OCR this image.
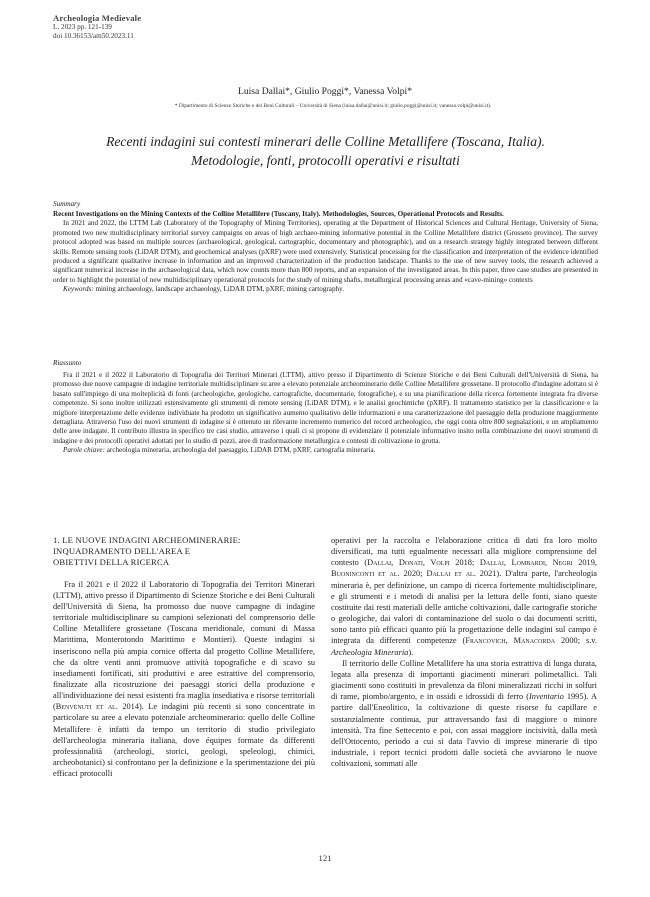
Archeologia Medievale
L, 2023 pp. 121-139
doi 10.36153/am50.2023.11
Luisa Dallai*, Giulio Poggi*, Vanessa Volpi*
* Dipartimento di Scienze Storiche e dei Beni Culturali – Università di Siena (luisa.dallai@unisi.it; giulio.poggi@unisi.it; vanessa.volpi@unisi.it).
Recenti indagini sui contesti minerari delle Colline Metallifere (Toscana, Italia).
Metodologie, fonti, protocolli operativi e risultati
Summary

Recent Investigations on the Mining Contexts of the Colline Metallifere (Tuscany, Italy). Methodologies, Sources, Operational Protocols and Results.

In 2021 and 2022, the LTTM Lab (Laboratory of the Topography of Mining Territories), operating at the Department of Historical Sciences and Cultural Heritage, University of Siena, promoted two new multidisciplinary territorial survey campaigns on areas of high archaeo-mining informative potential in the Colline Metallifere district (Grosseto province). The survey protocol adopted was based on multiple sources (archaeological, geological, cartographic, documentary and photographic), and on a research strategy highly integrated between different skills. Remote sensing tools (LiDAR DTM), and geochemical analyses (pXRF) were used extensively. Statistical processing for the classification and interpretation of the evidence identified produced a significant qualitative increase in information and an improved characterization of the production landscape. Thanks to the use of new survey tools, the research achieved a significant numerical increase in the archaeological data, which now counts more than 800 reports, and an expansion of the investigated areas. In this paper, three case studies are presented in order to highlight the potential of new multidisciplinary operational protocols for the study of mining shafts, metallurgical processing areas and «cave-mining» contexts

Keywords: mining archaeology, landscape archaeology, LiDAR DTM, pXRF, mining cartography.

Riassunto

Fra il 2021 e il 2022 il Laboratorio di Topografia dei Territori Minerari (LTTM), attivo presso il Dipartimento di Scienze Storiche e dei Beni Culturali dell'Università di Siena, ha promosso due nuove campagne di indagine territoriale multidisciplinare su aree a elevato potenziale archeominerario delle Colline Metallifere grossetane. Il protocollo d'indagine adottato si è basato sull'impiego di una molteplicità di fonti (archeologiche, geologiche, cartografiche, documentarie, fotografiche), e su una pianificazione della ricerca fortemente integrata fra diverse competenze. Si sono inoltre utilizzati estensivamente gli strumenti di remote sensing (LiDAR DTM), e le analisi geochimiche (pXRF). Il trattamento statistico per la classificazione e la migliore interpretazione delle evidenze individuate ha prodotto un significativo aumento qualitativo delle informazioni e una caratterizzazione del paesaggio della produzione maggiormente dettagliata. Attraverso l'uso dei nuovi strumenti di indagine si è ottenuto un rilevante incremento numerico del record archeologico, che oggi conta oltre 800 segnalazioni, e un ampliamento delle aree indagate. Il contributo illustra in specifico tre casi studio, attraverso i quali ci si propone di evidenziare il potenziale informativo insito nella combinazione dei nuovi strumenti di indagine e dei protocolli operativi adottati per lo studio di pozzi, aree di trasformazione metallurgica e contesti di coltivazione in grotta.

Parole chiave: archeologia mineraria, archeologia del paesaggio, LiDAR DTM, pXRF, cartografia mineraria.

1. LE NUOVE INDAGINI ARCHEOMINERARIE:
INQUADRAMENTO DELL'AREA E
OBIETTIVI DELLA RICERCA

Fra il 2021 e il 2022 il Laboratorio di Topografia dei Territori Minerari (LTTM), attivo presso il Dipartimento di Scienze Storiche e dei Beni Culturali dell'Università di Siena, ha promosso due nuove campagne di indagine territoriale multidisciplinare su campioni selezionati del comprensorio delle Colline Metallifere grossetane (Toscana meridionale, comuni di Massa Marittima, Monterotondo Marittimo e Montieri). Queste indagini si inseriscono nella più ampia cornice offerta dal progetto Colline Metallifere, che da oltre venti anni promuove attività topografiche e di scavo su insediamenti fortificati, siti produttivi e aree estrattive del comprensorio, finalizzate alla ricostruzione dei paesaggi storici della produzione e all'individuazione dei nessi esistenti fra maglia insediativa e risorse territoriali (Benvenuti et al. 2014). Le indagini più recenti si sono concentrate in particolare su aree a elevato potenziale archeominerario: quello delle Colline Metallifere è infatti da tempo un territorio di studio privilegiato dell'archeologia mineraria italiana, dove équipes formate da differenti professionalità (archeologi, storici, geologi, speleologi, chimici, archeobotanici) si confrontano per la definizione e la sperimentazione dei più efficaci protocolli

operativi per la raccolta e l'elaborazione critica di dati fra loro molto diversificati, ma tutti egualmente necessari alla migliore comprensione del contesto (Dallai, Donati, Volpi 2018; Dallai, Lombardi, Negri 2019, Buoninconti et al. 2020; Dallai et al. 2021). D'altra parte, l'archeologia mineraria è, per definizione, un campo di ricerca fortemente multidisciplinare, e gli strumenti e i metodi di analisi per la lettura delle fonti, siano queste costituite dai resti materiali delle antiche coltivazioni, dalle cartografie storiche o geologiche, dai valori di contaminazione del suolo o dai documenti scritti, sono tanto più efficaci quanto più la progettazione delle indagini sul campo è integrata da differenti competenze (Francovich, Manacorda 2000; s.v. Archeologia Mineraria).

Il territorio delle Colline Metallifere ha una storia estrattiva di lunga durata, legata alla presenza di importanti giacimenti minerari polimetallici. Tali giacimenti sono costituiti in prevalenza da filoni mineralizzati ricchi in solfuri di rame, piombo/argento, e in ossidi e idrossidi di ferro (Inventario 1995). A partire dall'Eneolitico, la coltivazione di queste risorse fu capillare e sostanzialmente continua, pur attraversando fasi di maggiore o minore intensità. Tra fine Settecento e poi, con assai maggiore incisività, dalla metà dell'Ottocento, periodo a cui si data l'avvio di imprese minerarie di tipo industriale, i report tecnici prodotti dalle società che avviarono le nuove coltivazioni, sommati alle

121
